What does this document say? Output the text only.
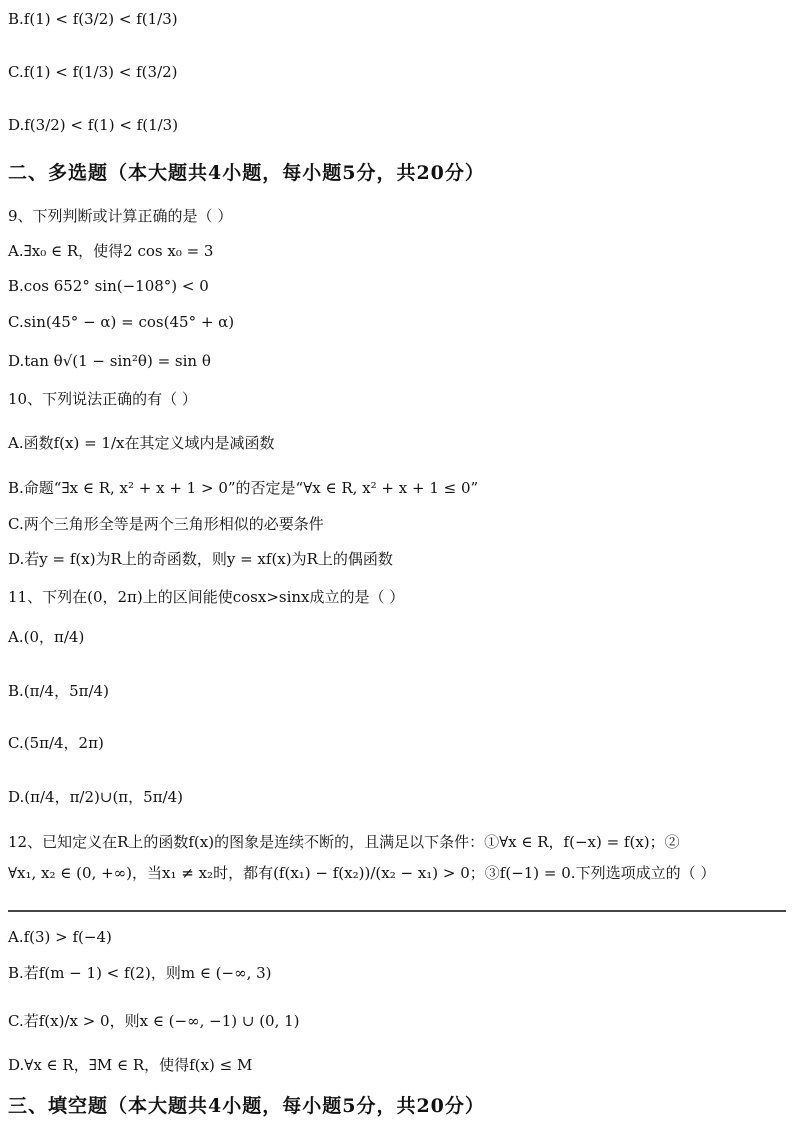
B.f(1) < f(3/2) < f(1/3)
C.f(1) < f(1/3) < f(3/2)
D.f(3/2) < f(1) < f(1/3)
二、多选题（本大题共4小题，每小题5分，共20分）
9、下列判断或计算正确的是（ ）
A.∃x₀ ∈ R，使得2 cos x₀ = 3
B.cos 652° sin(−108°) < 0
C.sin(45° − α) = cos(45° + α)
D.tan θ√(1 − sin²θ) = sin θ
10、下列说法正确的有（ ）
A.函数f(x) = 1/x在其定义域内是减函数
B.命题“∃x ∈ R, x² + x + 1 > 0”的否定是“∀x ∈ R, x² + x + 1 ≤ 0”
C.两个三角形全等是两个三角形相似的必要条件
D.若y = f(x)为R上的奇函数，则y = xf(x)为R上的偶函数
11、下列在(0，2π)上的区间能使cosx>sinx成立的是（ ）
A.(0，π/4)
B.(π/4，5π/4)
C.(5π/4，2π)
D.(π/4，π/2)∪(π，5π/4)
12、已知定义在R上的函数f(x)的图象是连续不断的，且满足以下条件：①∀x ∈ R，f(−x) = f(x)；②
∀x₁, x₂ ∈ (0, +∞)，当x₁ ≠ x₂时，都有(f(x₁) − f(x₂))/(x₂ − x₁) > 0；③f(−1) = 0.下列选项成立的（ ）
A.f(3) > f(−4)
B.若f(m − 1) < f(2)，则m ∈ (−∞, 3)
C.若f(x)/x > 0，则x ∈ (−∞, −1) ∪ (0, 1)
D.∀x ∈ R，∃M ∈ R，使得f(x) ≤ M
三、填空题（本大题共4小题，每小题5分，共20分）
